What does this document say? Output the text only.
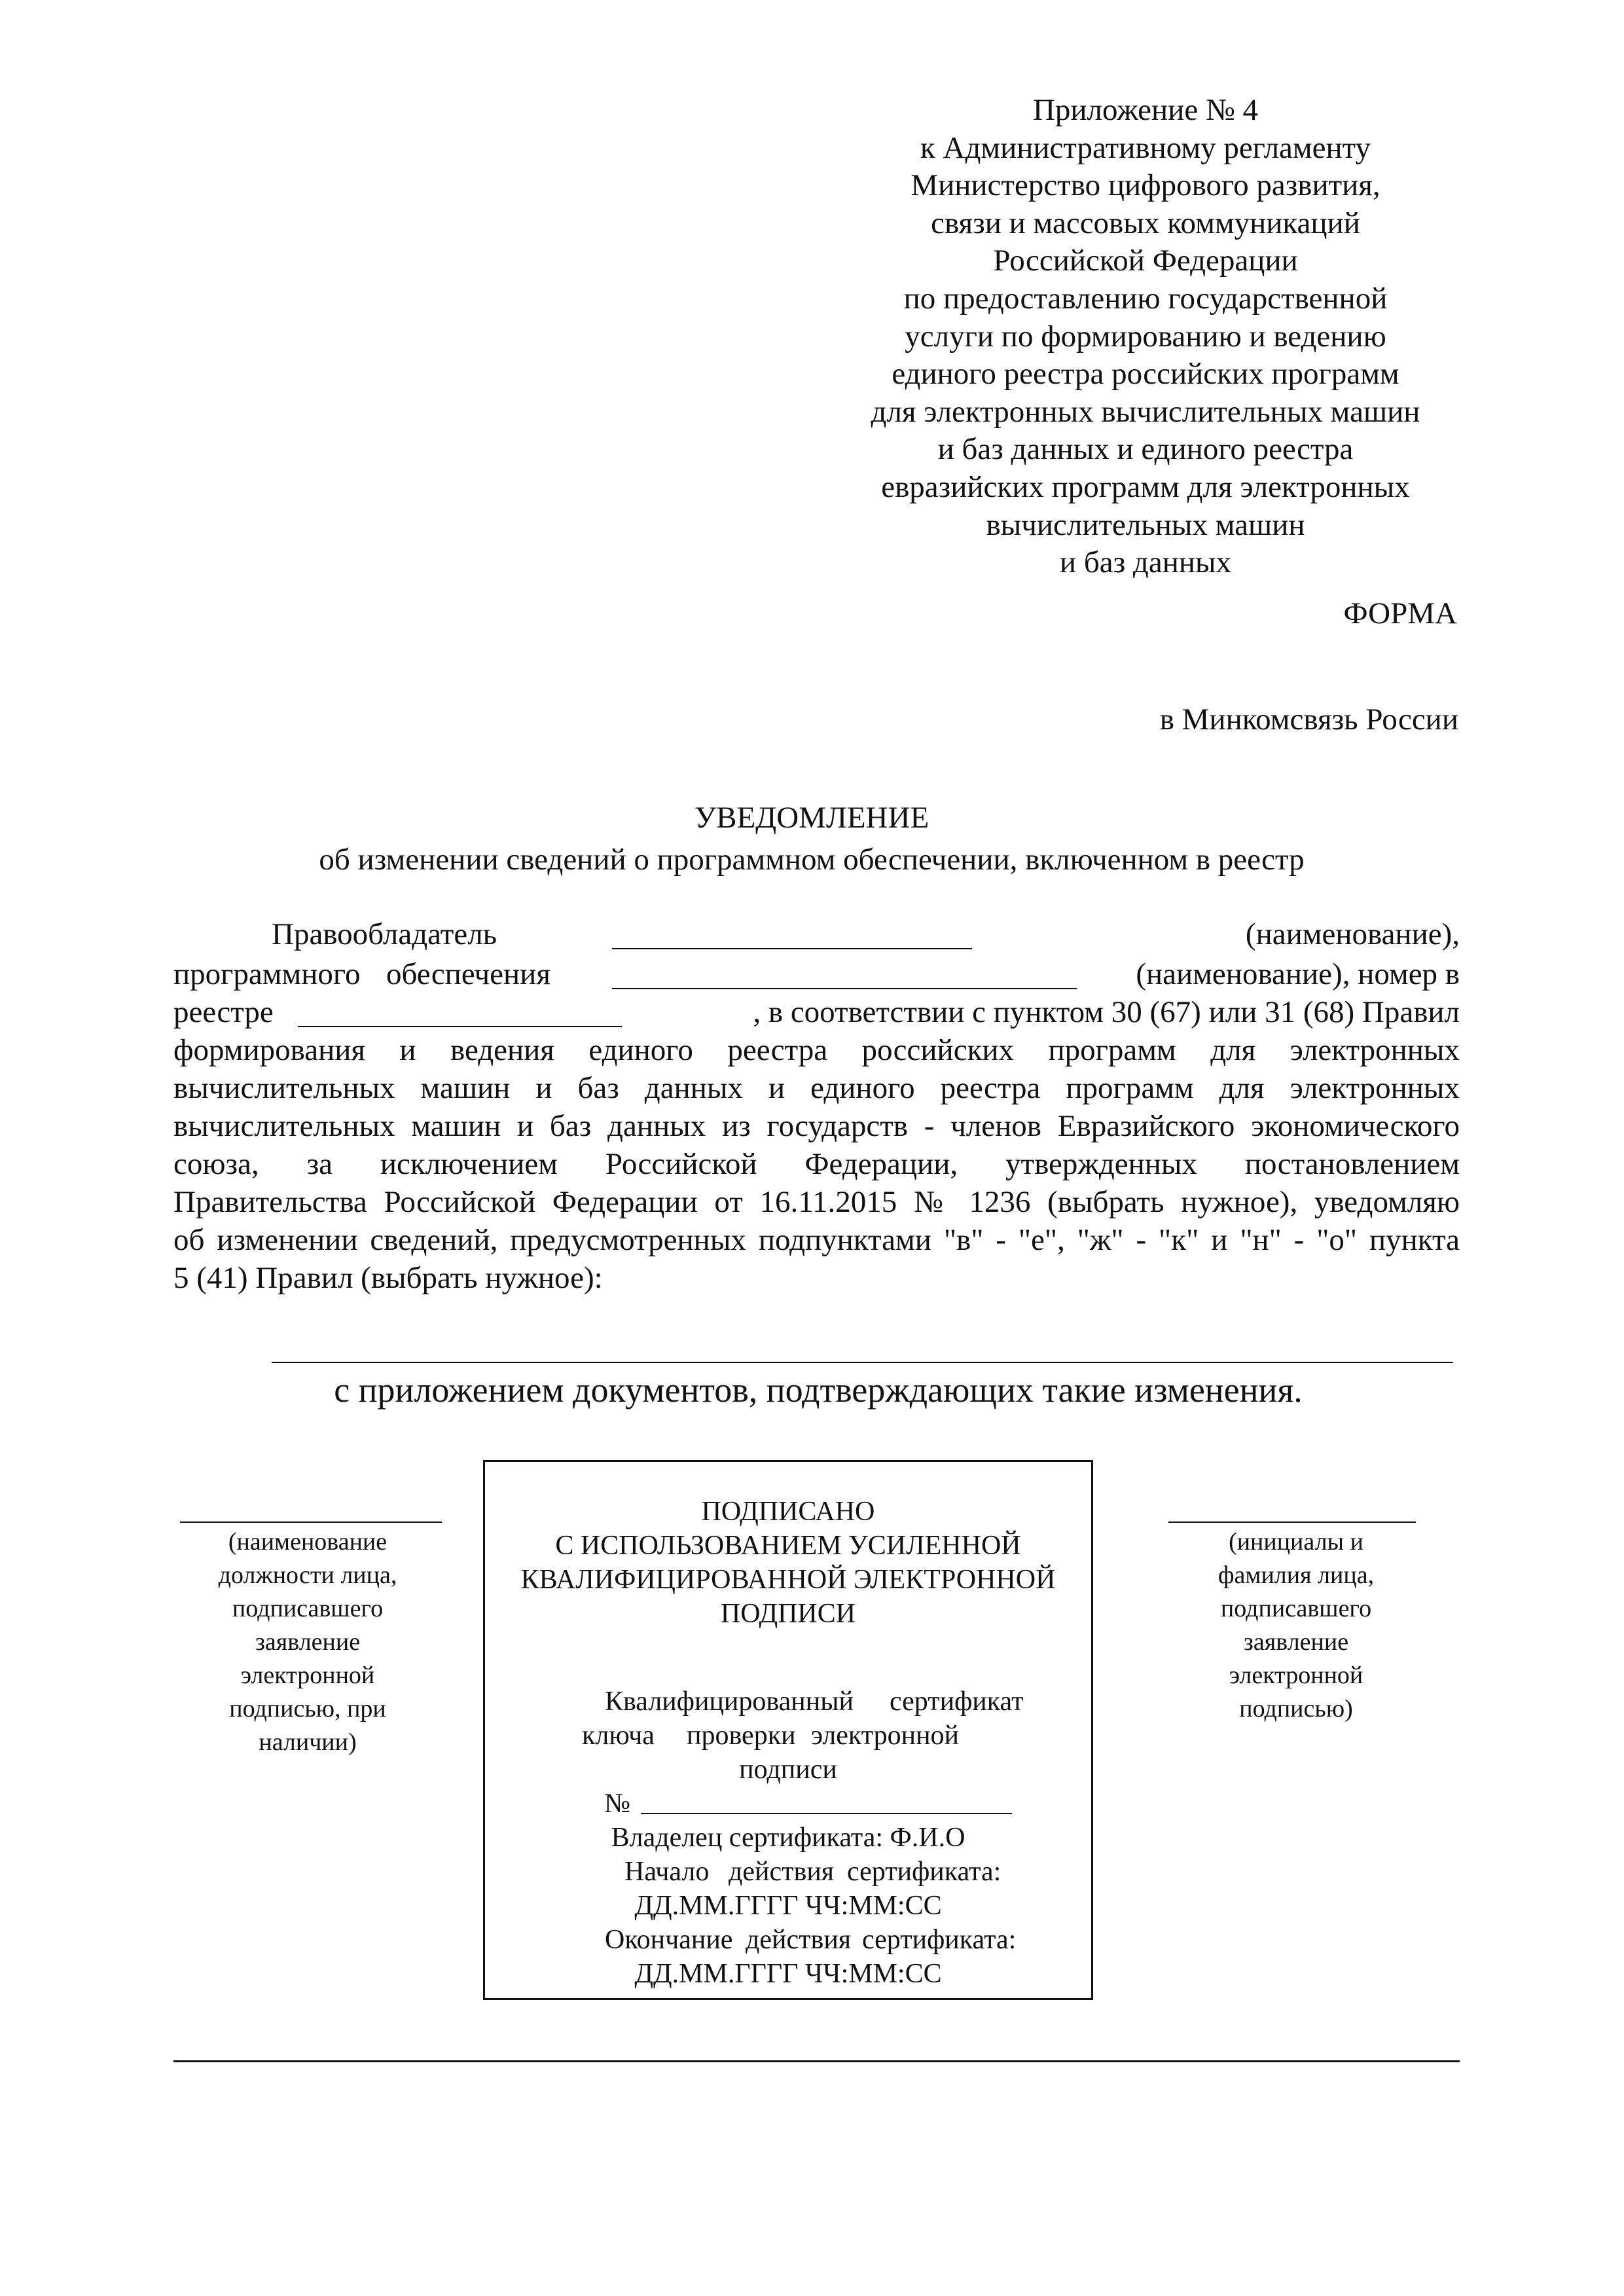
Приложение № 4
к Административному регламенту
Министерство цифрового развития,
связи и массовых коммуникаций
Российской Федерации
по предоставлению государственной
услуги по формированию и ведению
единого реестра российских программ
для электронных вычислительных машин
и баз данных и единого реестра
евразийских программ для электронных
вычислительных машин
и баз данных
ФОРМА
в Минкомсвязь России
УВЕДОМЛЕНИЕ
об изменении сведений о программном обеспечении, включенном в реестр
Правообладатель	(наименование),
программного обеспечения	(наименование), номер в
реестре	, в соответствии с пунктом 30 (67) или 31 (68) Правил
формирования и ведения единого реестра российских программ для электронных
вычислительных машин и баз данных и единого реестра программ для электронных
вычислительных машин и баз данных из государств - членов Евразийского экономического
союза, за исключением Российской Федерации, утвержденных постановлением
Правительства Российской Федерации от 16.11.2015 № 1236 (выбрать нужное), уведомляю
об изменении сведений, предусмотренных подпунктами "в" - "е", "ж" - "к" и "н" - "о" пункта
5 (41) Правил (выбрать нужное):
с приложением документов, подтверждающих такие изменения.
(наименование
должности лица,
подписавшего
заявление
электронной
подписью, при
наличии)
(инициалы и
фамилия лица,
подписавшего
заявление
электронной
подписью)
ПОДПИСАНО
С ИСПОЛЬЗОВАНИЕМ УСИЛЕННОЙ
КВАЛИФИЦИРОВАННОЙ ЭЛЕКТРОННОЙ
ПОДПИСИ
Квалифицированный сертификат
ключа проверки электронной
подписи
№
Владелец сертификата: Ф.И.О
Начало действия сертификата:
ДД.ММ.ГГГГ ЧЧ:ММ:СС
Окончание действия сертификата:
ДД.ММ.ГГГГ ЧЧ:ММ:СС
